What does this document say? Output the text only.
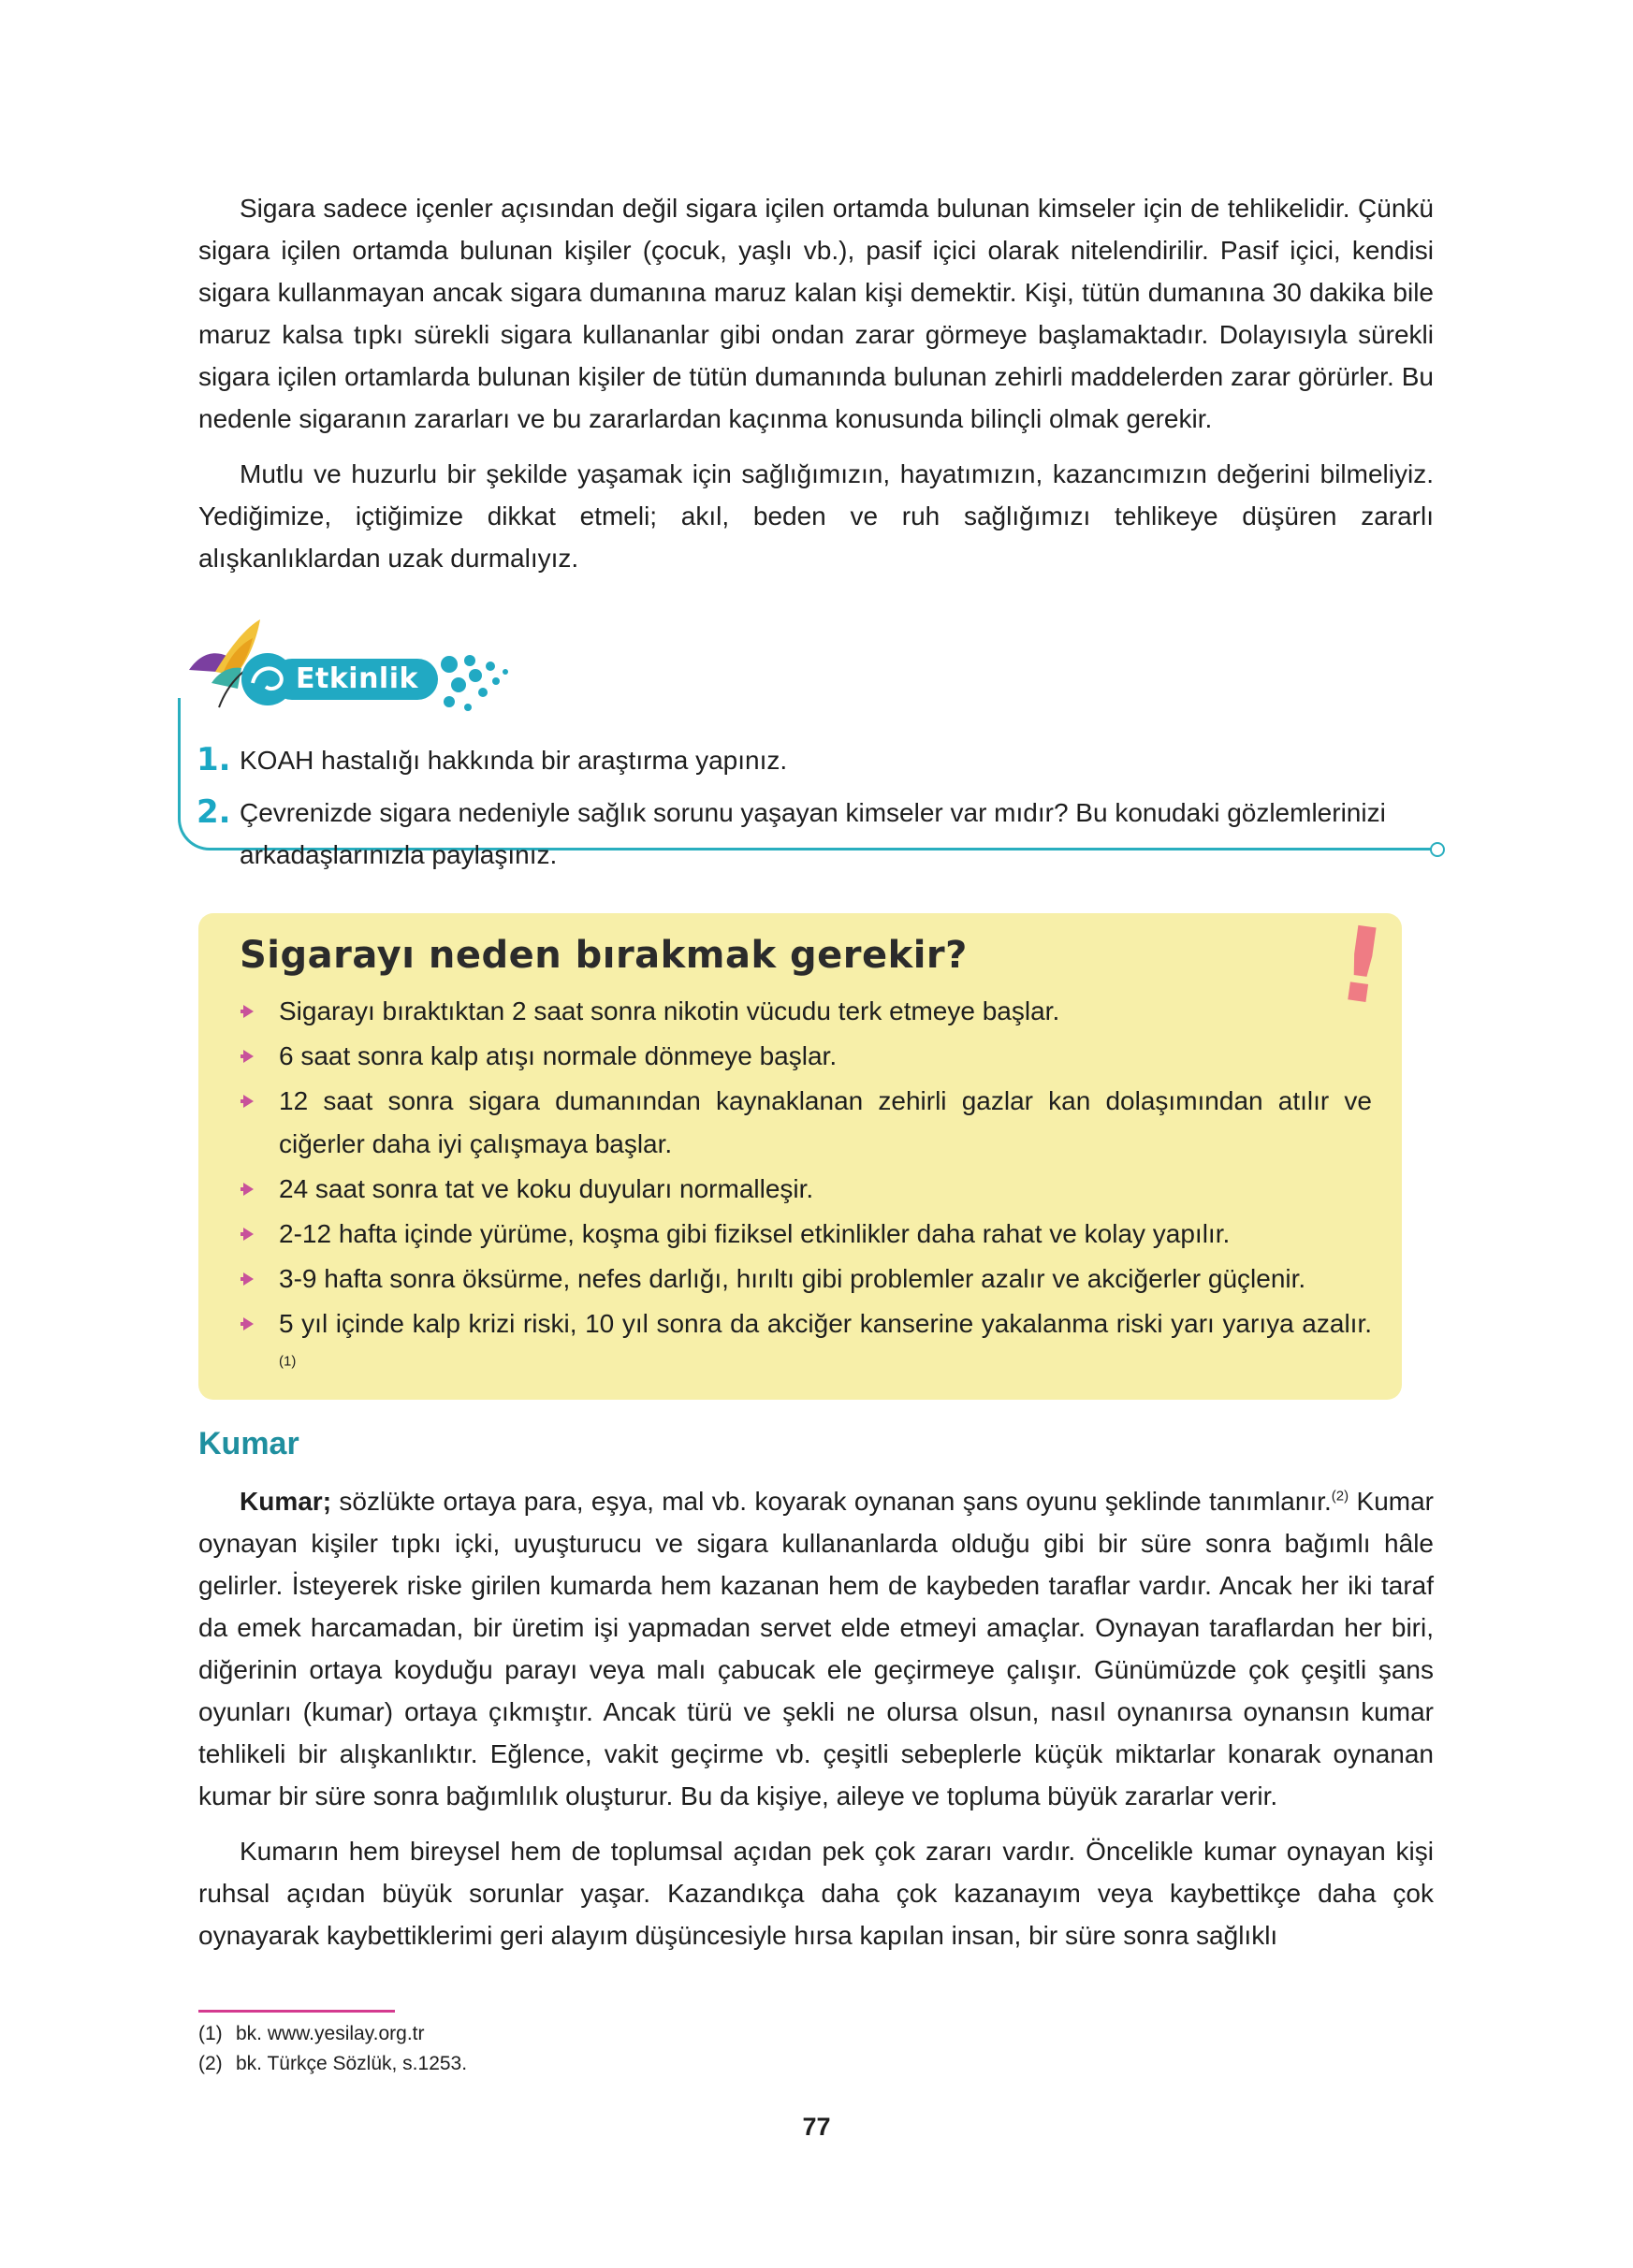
Sigara sadece içenler açısından değil sigara içilen ortamda bulunan kimseler için de tehlikelidir. Çünkü sigara içilen ortamda bulunan kişiler (çocuk, yaşlı vb.), pasif içici olarak nitelendirilir. Pasif içici, kendisi sigara kullanmayan ancak sigara dumanına maruz kalan kişi demektir. Kişi, tütün dumanına 30 dakika bile maruz kalsa tıpkı sürekli sigara kullananlar gibi ondan zarar görmeye başlamaktadır. Dolayısıyla sürekli sigara içilen ortamlarda bulunan kişiler de tütün dumanında bulunan zehirli maddelerden zarar görürler. Bu nedenle sigaranın zararları ve bu zararlardan kaçınma konusunda bilinçli olmak gerekir.

Mutlu ve huzurlu bir şekilde yaşamak için sağlığımızın, hayatımızın, kazancımızın değerini bilmeliyiz. Yediğimize, içtiğimize dikkat etmeli; akıl, beden ve ruh sağlığımızı tehlikeye düşüren zararlı alışkanlıklardan uzak durmalıyız.

Etkinlik
1. KOAH hastalığı hakkında bir araştırma yapınız.
2. Çevrenizde sigara nedeniyle sağlık sorunu yaşayan kimseler var mıdır? Bu konudaki gözlemlerinizi arkadaşlarınızla paylaşınız.
Sigarayı neden bırakmak gerekir?	!
Sigarayı bıraktıktan 2 saat sonra nikotin vücudu terk etmeye başlar.
6 saat sonra kalp atışı normale dönmeye başlar.
12 saat sonra sigara dumanından kaynaklanan zehirli gazlar kan dolaşımından atılır ve ciğerler daha iyi çalışmaya başlar.
24 saat sonra tat ve koku duyuları normalleşir.
2-12 hafta içinde yürüme, koşma gibi fiziksel etkinlikler daha rahat ve kolay yapılır.
3-9 hafta sonra öksürme, nefes darlığı, hırıltı gibi problemler azalır ve akciğerler güçlenir.
5 yıl içinde kalp krizi riski, 10 yıl sonra da akciğer kanserine yakalanma riski yarı yarıya azalır.$^{(1)}$
Kumar

Kumar; sözlükte ortaya para, eşya, mal vb. koyarak oynanan şans oyunu şeklinde tanımlanır.$^{(2)}$ Kumar oynayan kişiler tıpkı içki, uyuşturucu ve sigara kullananlarda olduğu gibi bir süre sonra bağımlı hâle gelirler. İsteyerek riske girilen kumarda hem kazanan hem de kaybeden taraflar vardır. Ancak her iki taraf da emek harcamadan, bir üretim işi yapmadan servet elde etmeyi amaçlar. Oynayan taraflardan her biri, diğerinin ortaya koyduğu parayı veya malı çabucak ele geçirmeye çalışır. Günümüzde çok çeşitli şans oyunları (kumar) ortaya çıkmıştır. Ancak türü ve şekli ne olursa olsun, nasıl oynanırsa oynansın kumar tehlikeli bir alışkanlıktır. Eğlence, vakit geçirme vb. çeşitli sebeplerle küçük miktarlar konarak oynanan kumar bir süre sonra bağımlılık oluşturur. Bu da kişiye, aileye ve topluma büyük zararlar verir.

Kumarın hem bireysel hem de toplumsal açıdan pek çok zararı vardır. Öncelikle kumar oynayan kişi ruhsal açıdan büyük sorunlar yaşar. Kazandıkça daha çok kazanayım veya kaybettikçe daha çok oynayarak kaybettiklerimi geri alayım düşüncesiyle hırsa kapılan insan, bir süre sonra sağlıklı

(1) bk. www.yesilay.org.tr
(2) bk. Türkçe Sözlük, s.1253.
77
